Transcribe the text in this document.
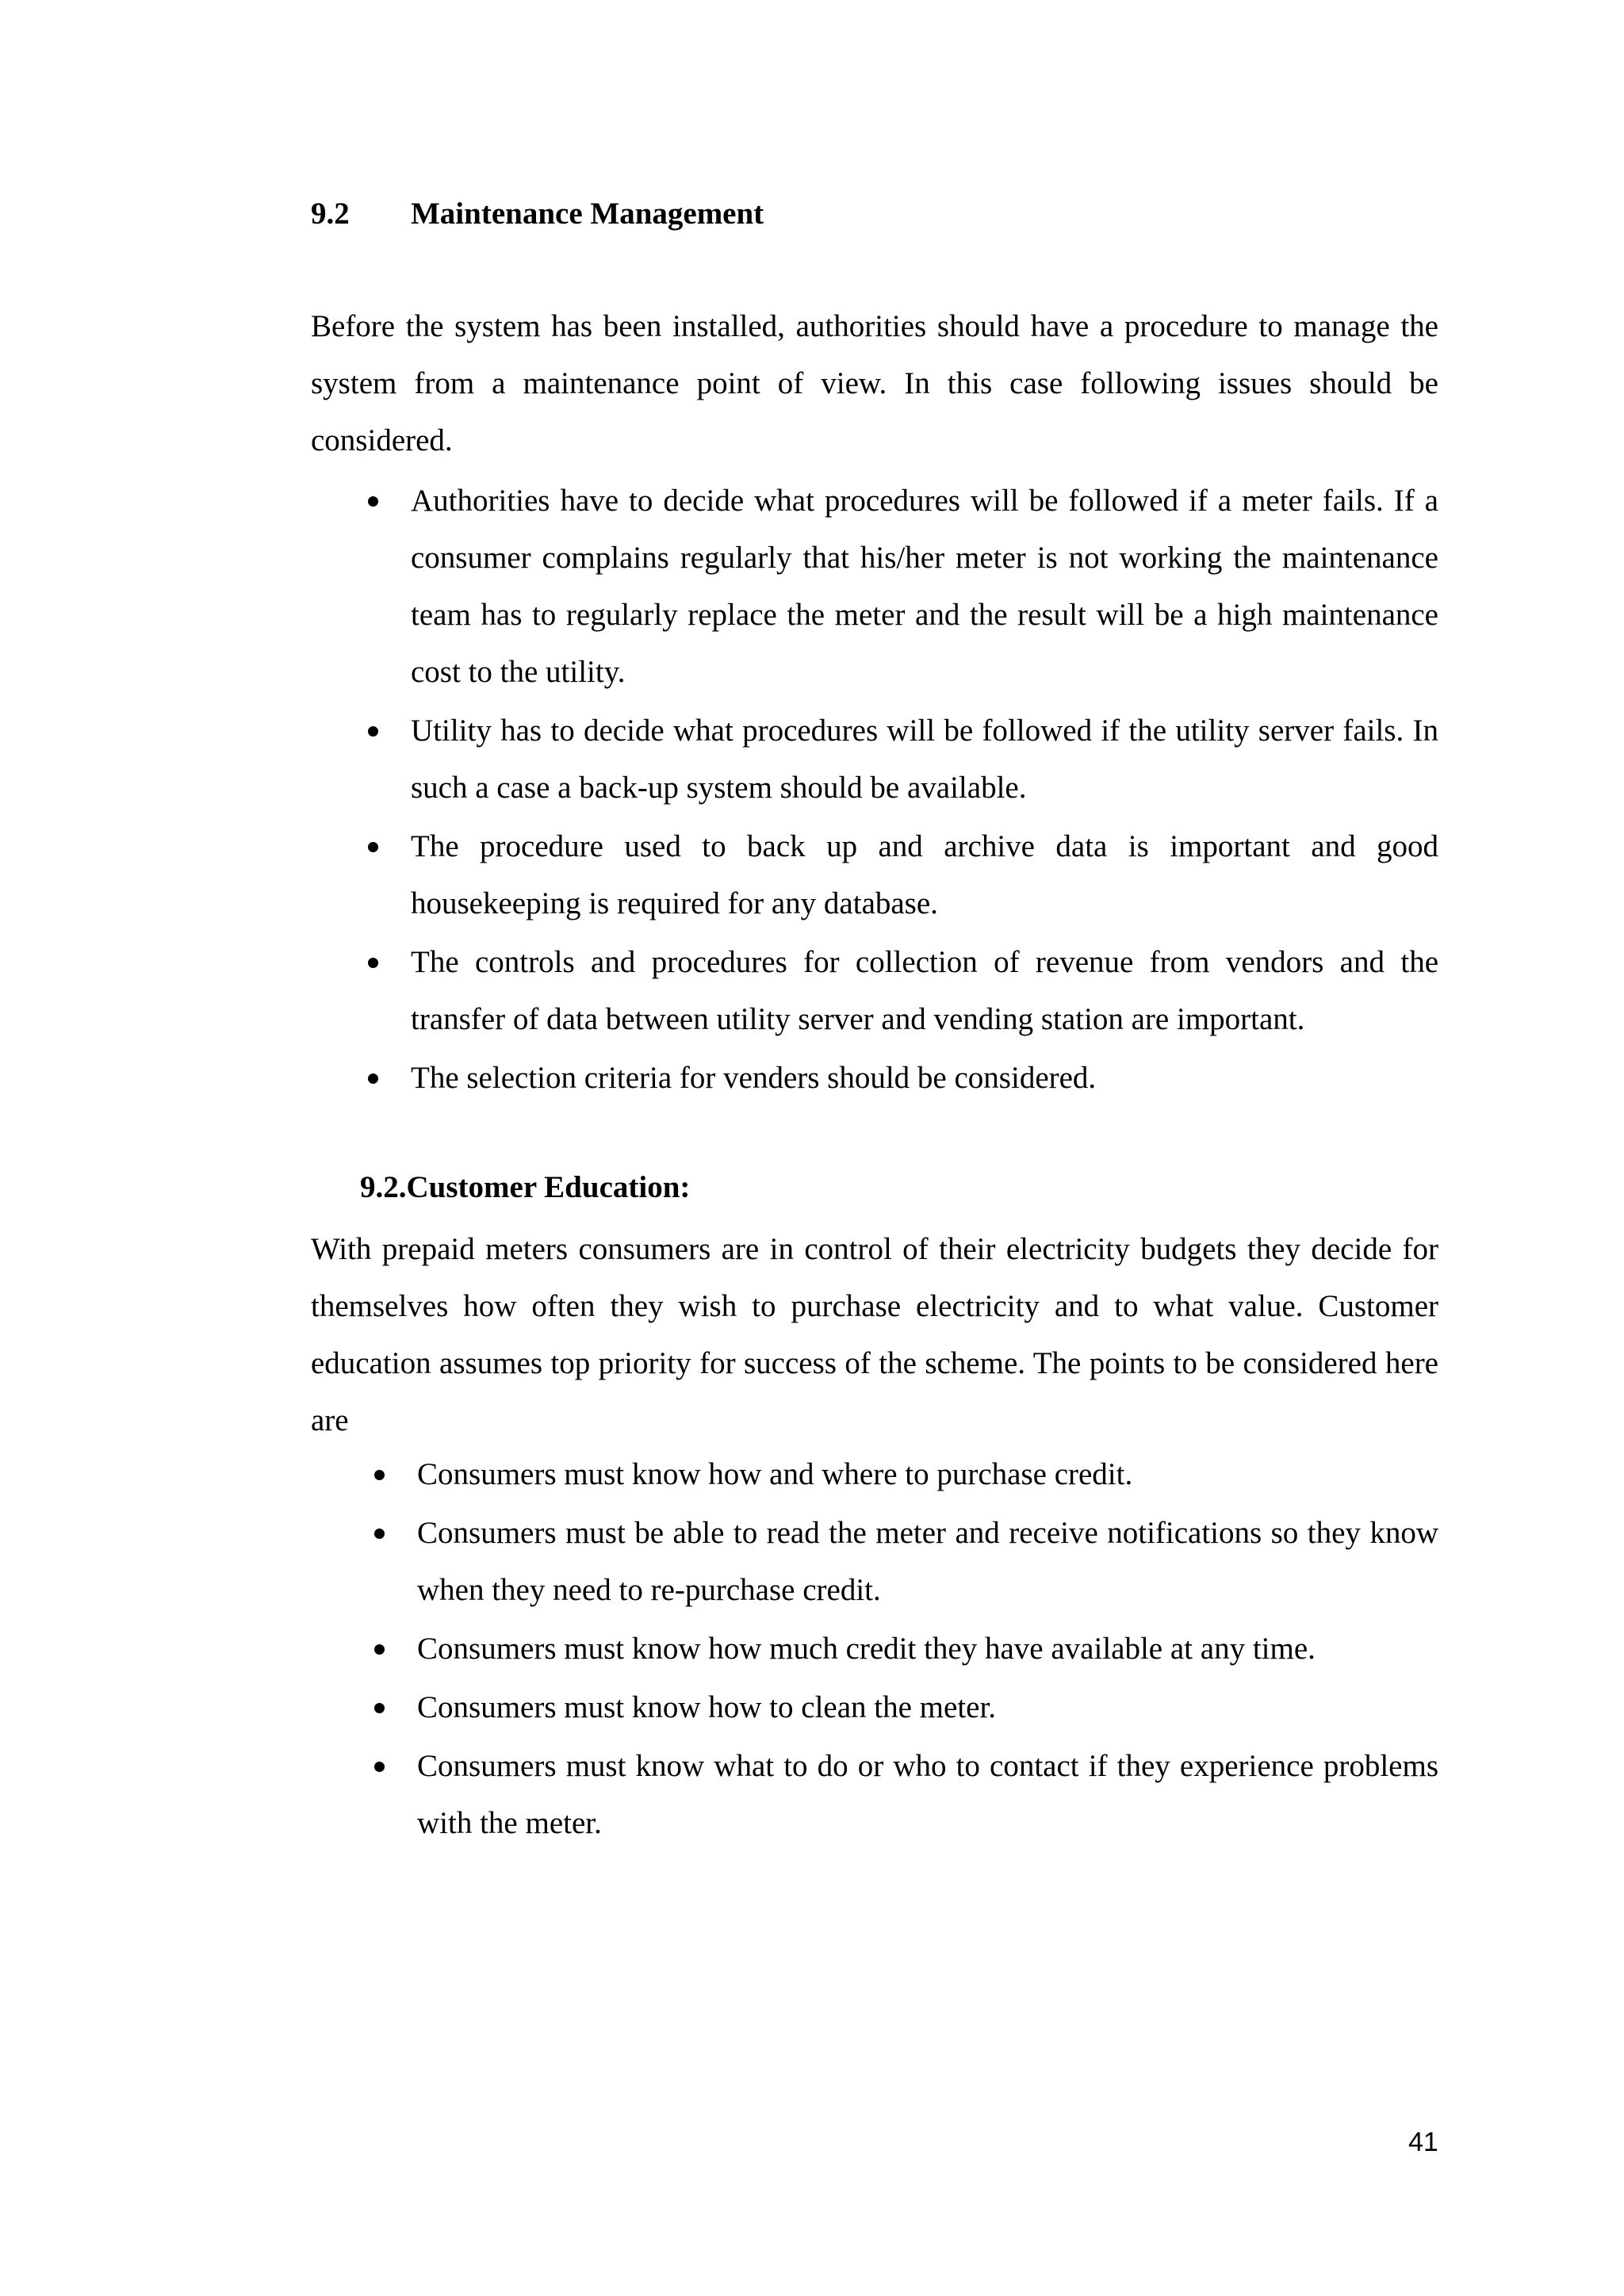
9.2 Maintenance Management
Before the system has been installed, authorities should have a procedure to manage the system from a maintenance point of view. In this case following issues should be considered.
Authorities have to decide what procedures will be followed if a meter fails. If a consumer complains regularly that his/her meter is not working the maintenance team has to regularly replace the meter and the result will be a high maintenance cost to the utility.
Utility has to decide what procedures will be followed if the utility server fails. In such a case a back-up system should be available.
The procedure used to back up and archive data is important and good housekeeping is required for any database.
The controls and procedures for collection of revenue from vendors and the transfer of data between utility server and vending station are important.
The selection criteria for venders should be considered.
9.2.Customer Education:
With prepaid meters consumers are in control of their electricity budgets they decide for themselves how often they wish to purchase electricity and to what value. Customer education assumes top priority for success of the scheme. The points to be considered here are
Consumers must know how and where to purchase credit.
Consumers must be able to read the meter and receive notifications so they know when they need to re-purchase credit.
Consumers must know how much credit they have available at any time.
Consumers must know how to clean the meter.
Consumers must know what to do or who to contact if they experience problems with the meter.
41
